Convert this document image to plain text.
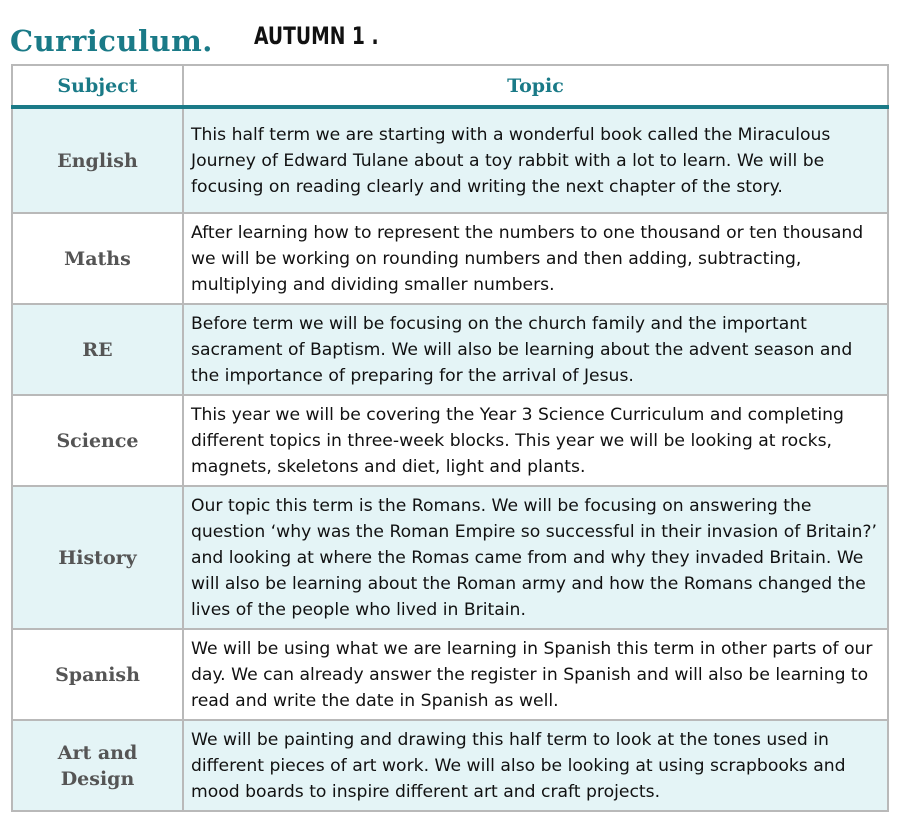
Curriculum. AUTUMN 1 .
Subject	Topic
English	This half term we are starting with a wonderful book called the Miraculous Journey of Edward Tulane about a toy rabbit with a lot to learn. We will be focusing on reading clearly and writing the next chapter of the story.
Maths	After learning how to represent the numbers to one thousand or ten thousand we will be working on rounding numbers and then adding, subtracting, multiplying and dividing smaller numbers.
RE	Before term we will be focusing on the church family and the important sacrament of Baptism. We will also be learning about the advent season and the importance of preparing for the arrival of Jesus.
Science	This year we will be covering the Year 3 Science Curriculum and completing different topics in three-week blocks. This year we will be looking at rocks, magnets, skeletons and diet, light and plants.
History	Our topic this term is the Romans. We will be focusing on answering the question ‘why was the Roman Empire so successful in their invasion of Britain?’ and looking at where the Romas came from and why they invaded Britain. We will also be learning about the Roman army and how the Romans changed the lives of the people who lived in Britain.
Spanish	We will be using what we are learning in Spanish this term in other parts of our day. We can already answer the register in Spanish and will also be learning to read and write the date in Spanish as well.
Art and Design	We will be painting and drawing this half term to look at the tones used in different pieces of art work. We will also be looking at using scrapbooks and mood boards to inspire different art and craft projects.
